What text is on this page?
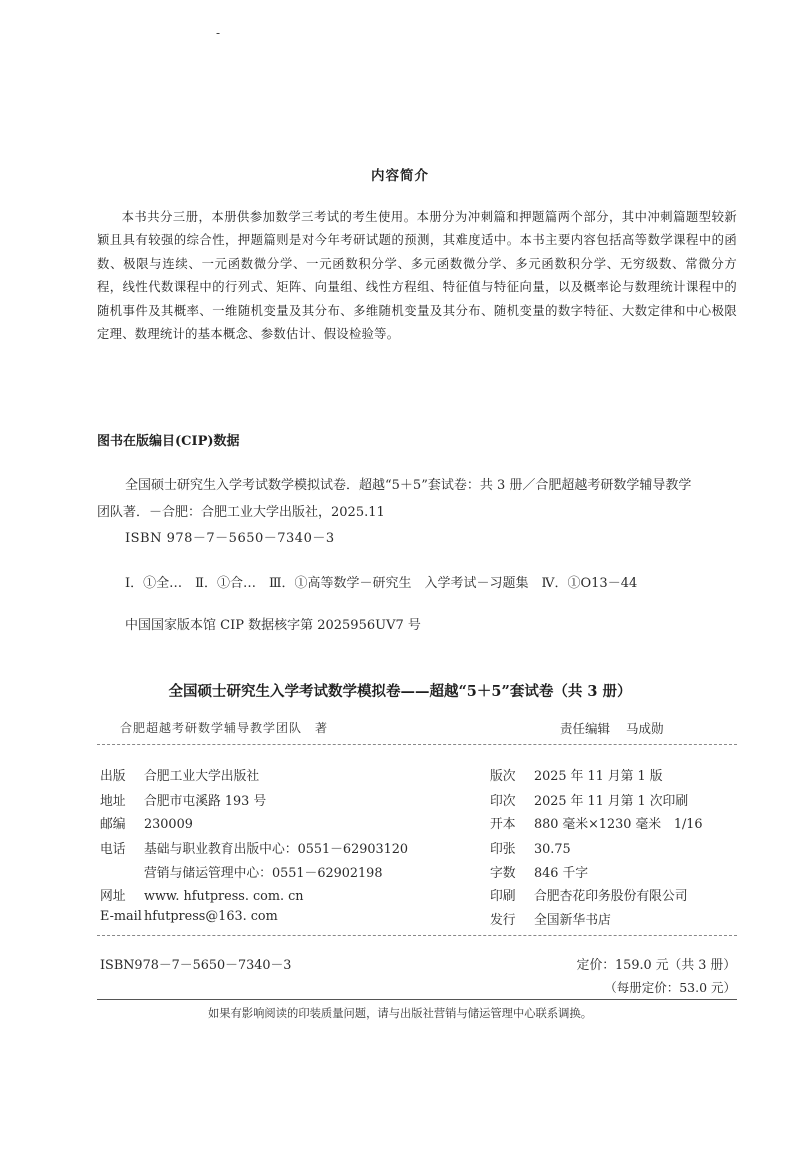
-
内容简介
本书共分三册，本册供参加数学三考试的考生使用。本册分为冲刺篇和押题篇两个部分，其中冲刺篇题型较新颖且具有较强的综合性，押题篇则是对今年考研试题的预测，其难度适中。本书主要内容包括高等数学课程中的函数、极限与连续、一元函数微分学、一元函数积分学、多元函数微分学、多元函数积分学、无穷级数、常微分方程，线性代数课程中的行列式、矩阵、向量组、线性方程组、特征值与特征向量，以及概率论与数理统计课程中的随机事件及其概率、一维随机变量及其分布、多维随机变量及其分布、随机变量的数字特征、大数定律和中心极限定理、数理统计的基本概念、参数估计、假设检验等。
图书在版编目(CIP)数据
全国硕士研究生入学考试数学模拟试卷．超越“5＋5”套试卷：共 3 册／合肥超越考研数学辅导教学
团队著．－合肥：合肥工业大学出版社，2025.11
ISBN 978－7－5650－7340－3
Ⅰ．①全…　Ⅱ．①合…　Ⅲ．①高等数学－研究生　入学考试－习题集　Ⅳ．①O13－44
中国国家版本馆 CIP 数据核字第 2025956UV7 号
全国硕士研究生入学考试数学模拟卷——超越“5＋5”套试卷（共 3 册）
合肥超越考研数学辅导教学团队　著	责任编辑 马成勋
出版 合肥工业大学出版社
地址 合肥市屯溪路 193 号
邮编 230009
电话 基础与职业教育出版中心：0551－62903120
营销与储运管理中心：0551－62902198
网址 www. hfutpress. com. cn
E-mail hfutpress@163. com
版次 2025 年 11 月第 1 版
印次 2025 年 11 月第 1 次印刷
开本 880 毫米×1230 毫米　1/16
印张 30.75
字数 846 千字
印刷 合肥杏花印务股份有限公司
发行 全国新华书店
ISBN978－7－5650－7340－3	定价：159.0 元（共 3 册）
（每册定价：53.0 元）
如果有影响阅读的印装质量问题，请与出版社营销与储运管理中心联系调换。
